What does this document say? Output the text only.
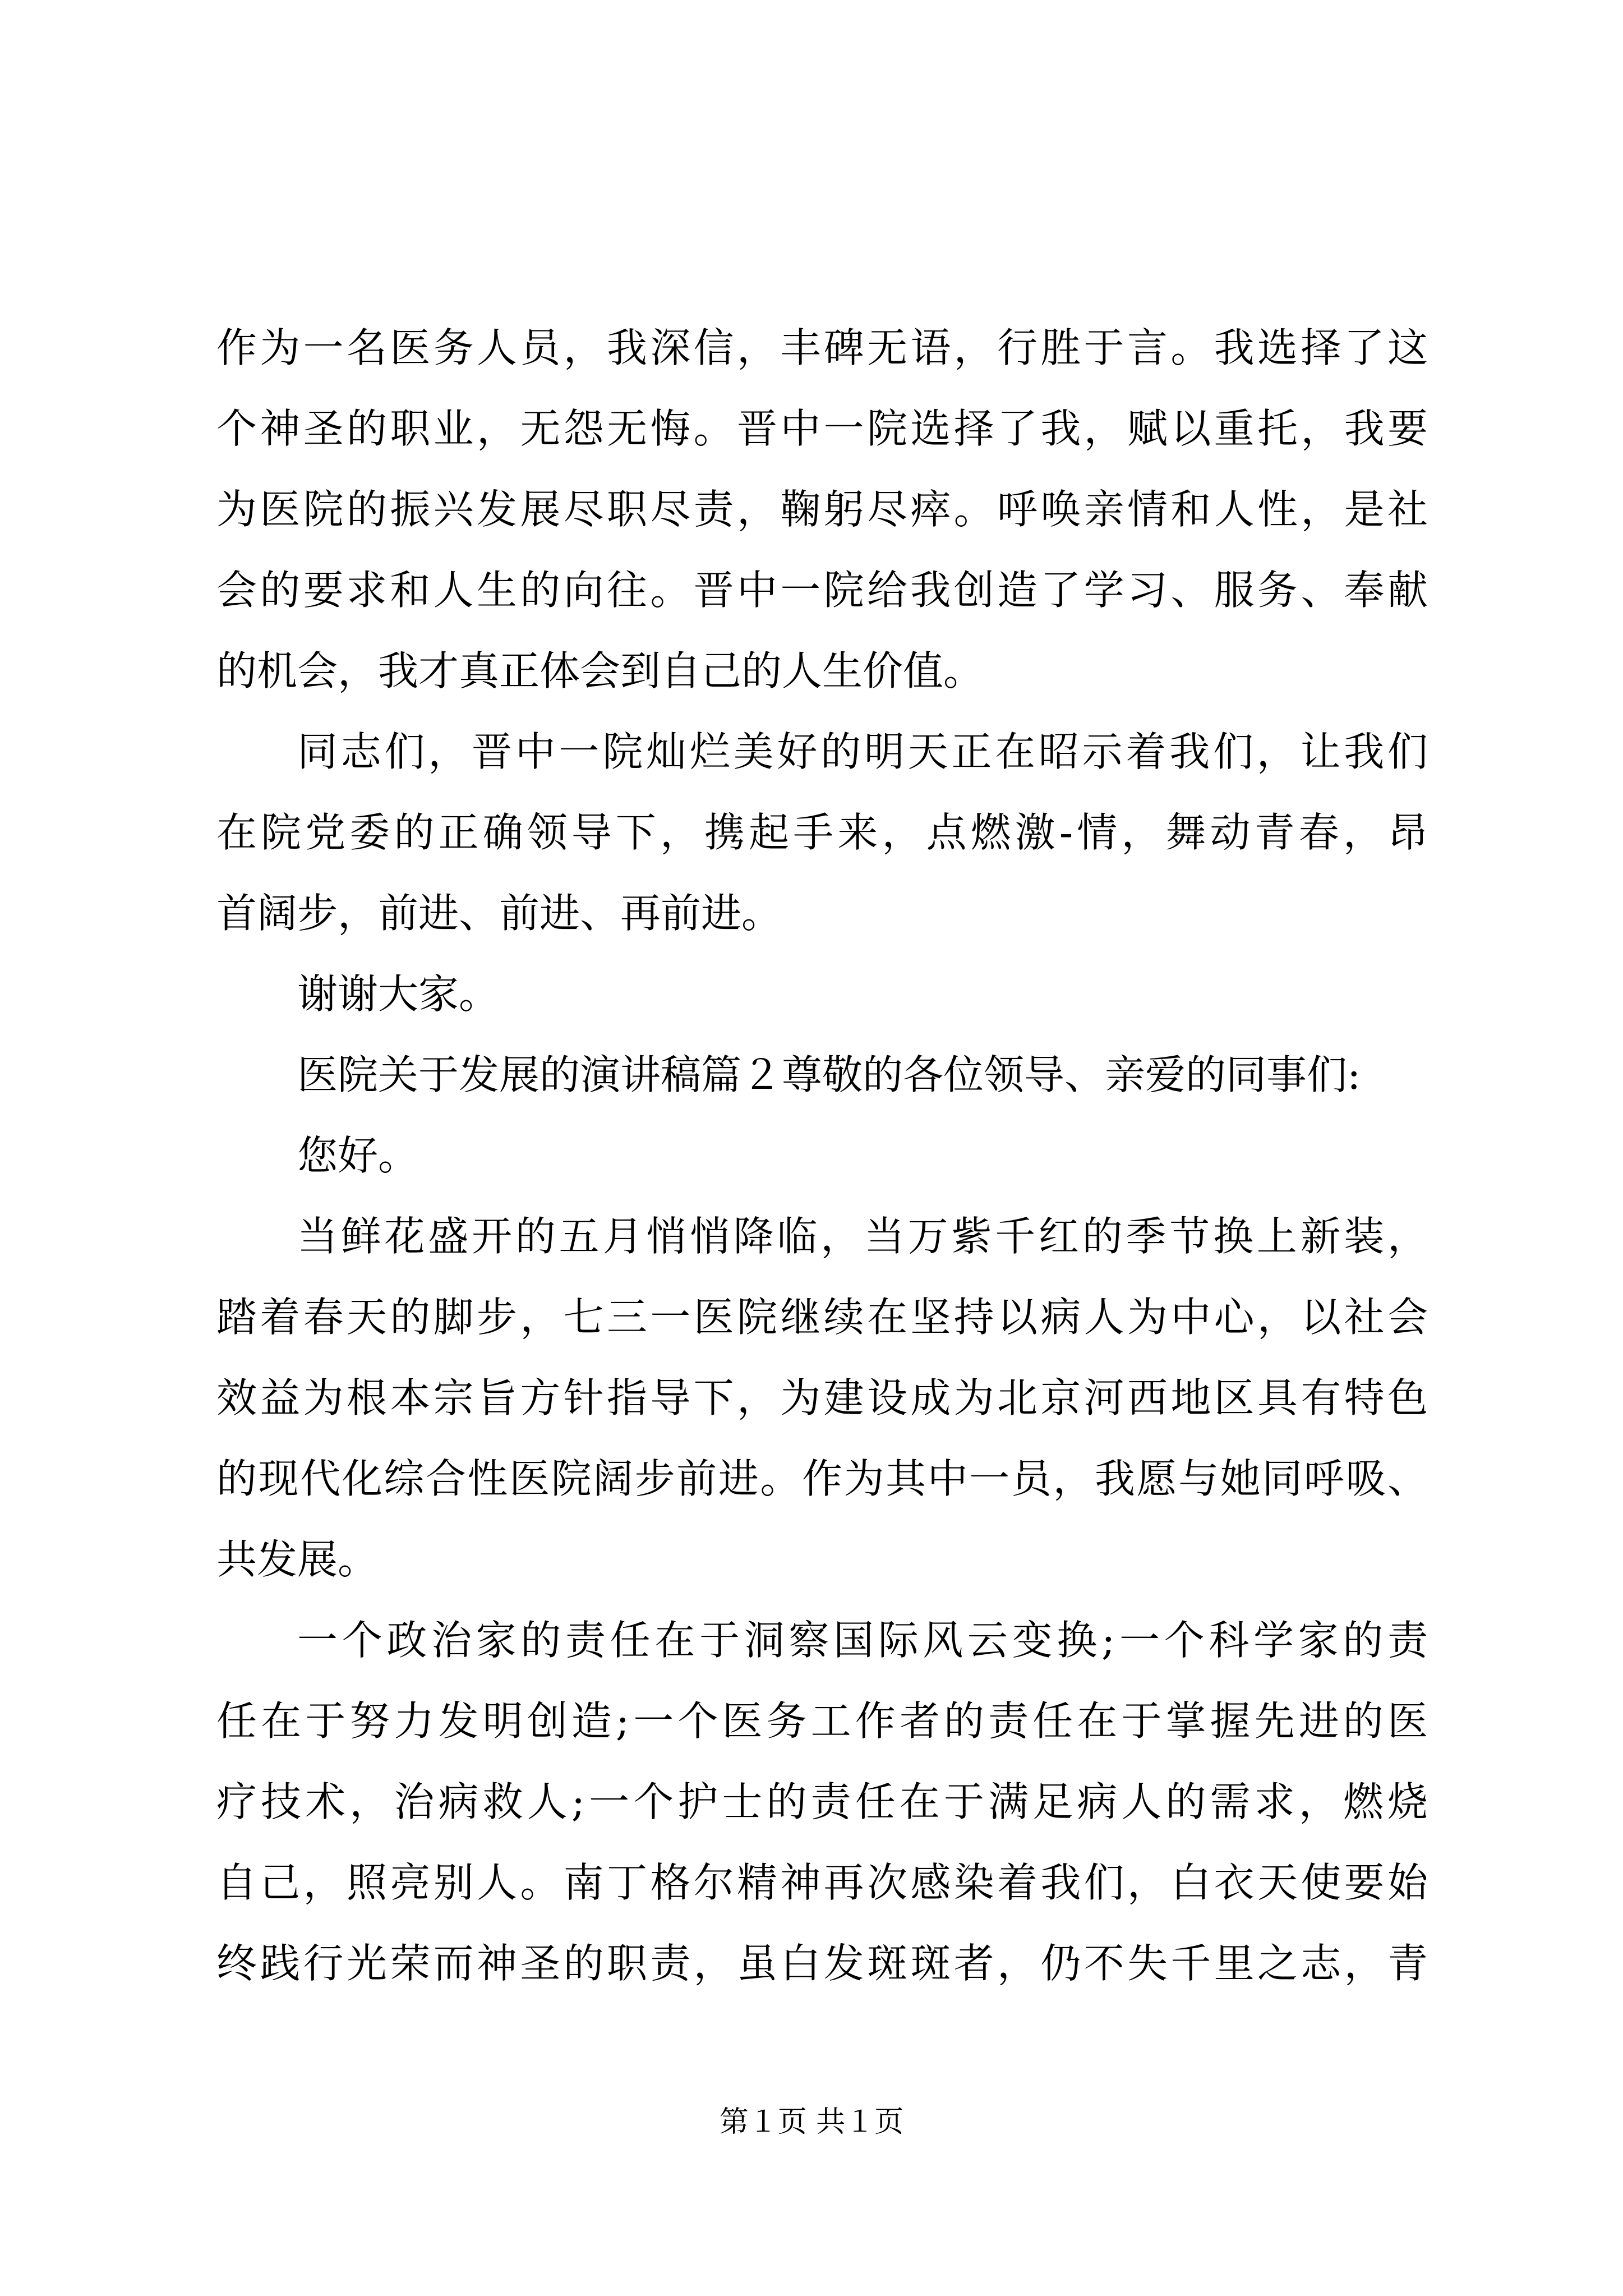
作为一名医务人员，我深信，丰碑无语，行胜于言。我选择了这
个神圣的职业，无怨无悔。晋中一院选择了我，赋以重托，我要
为医院的振兴发展尽职尽责，鞠躬尽瘁。呼唤亲情和人性，是社
会的要求和人生的向往。晋中一院给我创造了学习、服务、奉献
的机会，我才真正体会到自己的人生价值。
同志们，晋中一院灿烂美好的明天正在昭示着我们，让我们
在院党委的正确领导下，携起手来，点燃激-情，舞动青春，昂
首阔步，前进、前进、再前进。
谢谢大家。
医院关于发展的演讲稿篇２尊敬的各位领导、亲爱的同事们:
您好。
当鲜花盛开的五月悄悄降临，当万紫千红的季节换上新装，
踏着春天的脚步，七三一医院继续在坚持以病人为中心，以社会
效益为根本宗旨方针指导下，为建设成为北京河西地区具有特色
的现代化综合性医院阔步前进。作为其中一员，我愿与她同呼吸、
共发展。
一个政治家的责任在于洞察国际风云变换;一个科学家的责
任在于努力发明创造;一个医务工作者的责任在于掌握先进的医
疗技术，治病救人;一个护士的责任在于满足病人的需求，燃烧
自己，照亮别人。南丁格尔精神再次感染着我们，白衣天使要始
终践行光荣而神圣的职责，虽白发斑斑者，仍不失千里之志，青
第１页 共１页
